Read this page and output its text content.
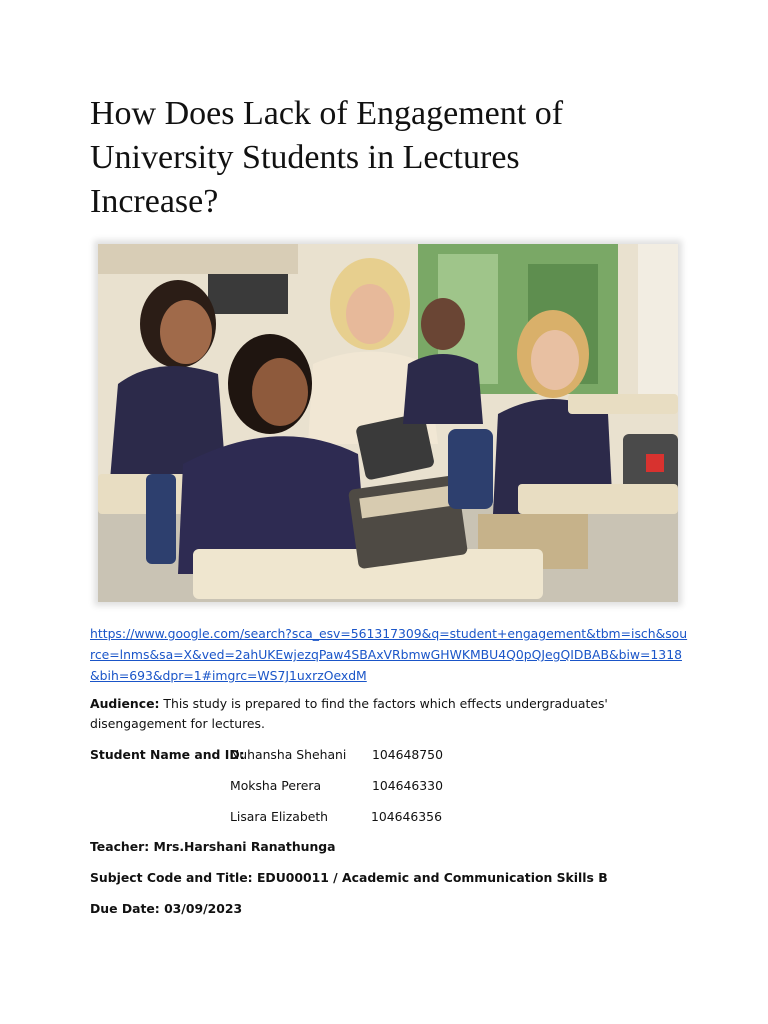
How Does Lack of Engagement of University Students in Lectures Increase?
https://www.google.com/search?sca_esv=561317309&q=student+engagement&tbm=isch&source=lnms&sa=X&ved=2ahUKEwjezqPaw4SBAxVRbmwGHWKMBU4Q0pQJegQIDBAB&biw=1318&bih=693&dpr=1#imgrc=WS7J1uxrzOexdM
Audience: This study is prepared to find the factors which effects undergraduates' disengagement for lectures.
Student Name and ID:
Nuhansha Shehani 104648750
Moksha Perera	104646330
Lisara Elizabeth	104646356
Teacher: Mrs.Harshani Ranathunga
Subject Code and Title: EDU00011 / Academic and Communication Skills B
Due Date: 03/09/2023
